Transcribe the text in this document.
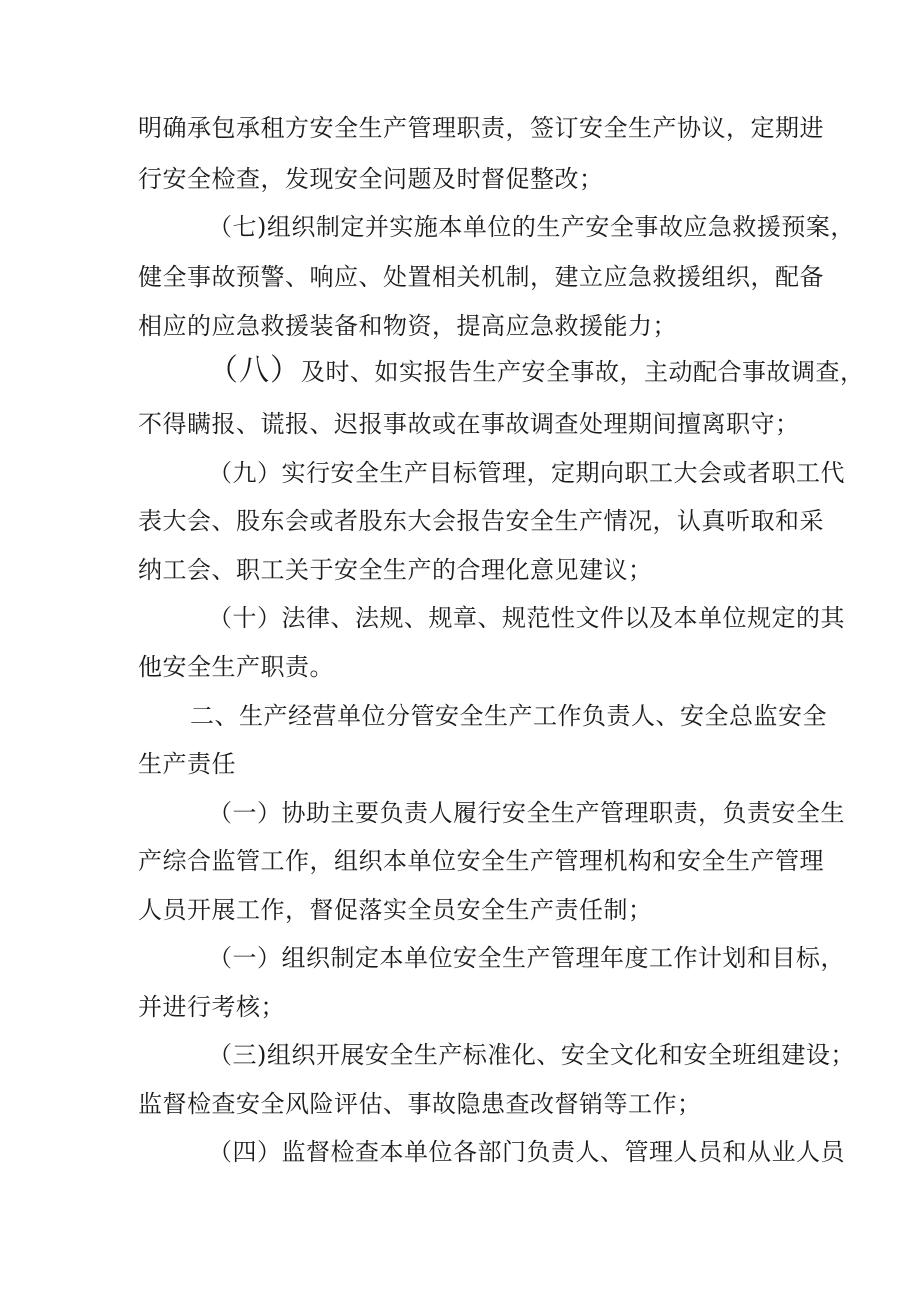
明确承包承租方安全生产管理职责，签订安全生产协议，定期进
行安全检查，发现安全问题及时督促整改；
（七)组织制定并实施本单位的生产安全事故应急救援预案，
健全事故预警、响应、处置相关机制，建立应急救援组织，配备
相应的应急救援装备和物资，提高应急救援能力；
（八）及时、如实报告生产安全事故，主动配合事故调查，
不得瞒报、谎报、迟报事故或在事故调查处理期间擅离职守；
（九）实行安全生产目标管理，定期向职工大会或者职工代
表大会、股东会或者股东大会报告安全生产情况，认真听取和采
纳工会、职工关于安全生产的合理化意见建议；
（十）法律、法规、规章、规范性文件以及本单位规定的其
他安全生产职责。
二、生产经营单位分管安全生产工作负责人、安全总监安全
生产责任
（一）协助主要负责人履行安全生产管理职责，负责安全生
产综合监管工作，组织本单位安全生产管理机构和安全生产管理
人员开展工作，督促落实全员安全生产责任制；
（一）组织制定本单位安全生产管理年度工作计划和目标，
并进行考核；
（三)组织开展安全生产标准化、安全文化和安全班组建设；
监督检查安全风险评估、事故隐患查改督销等工作；
（四）监督检查本单位各部门负责人、管理人员和从业人员
